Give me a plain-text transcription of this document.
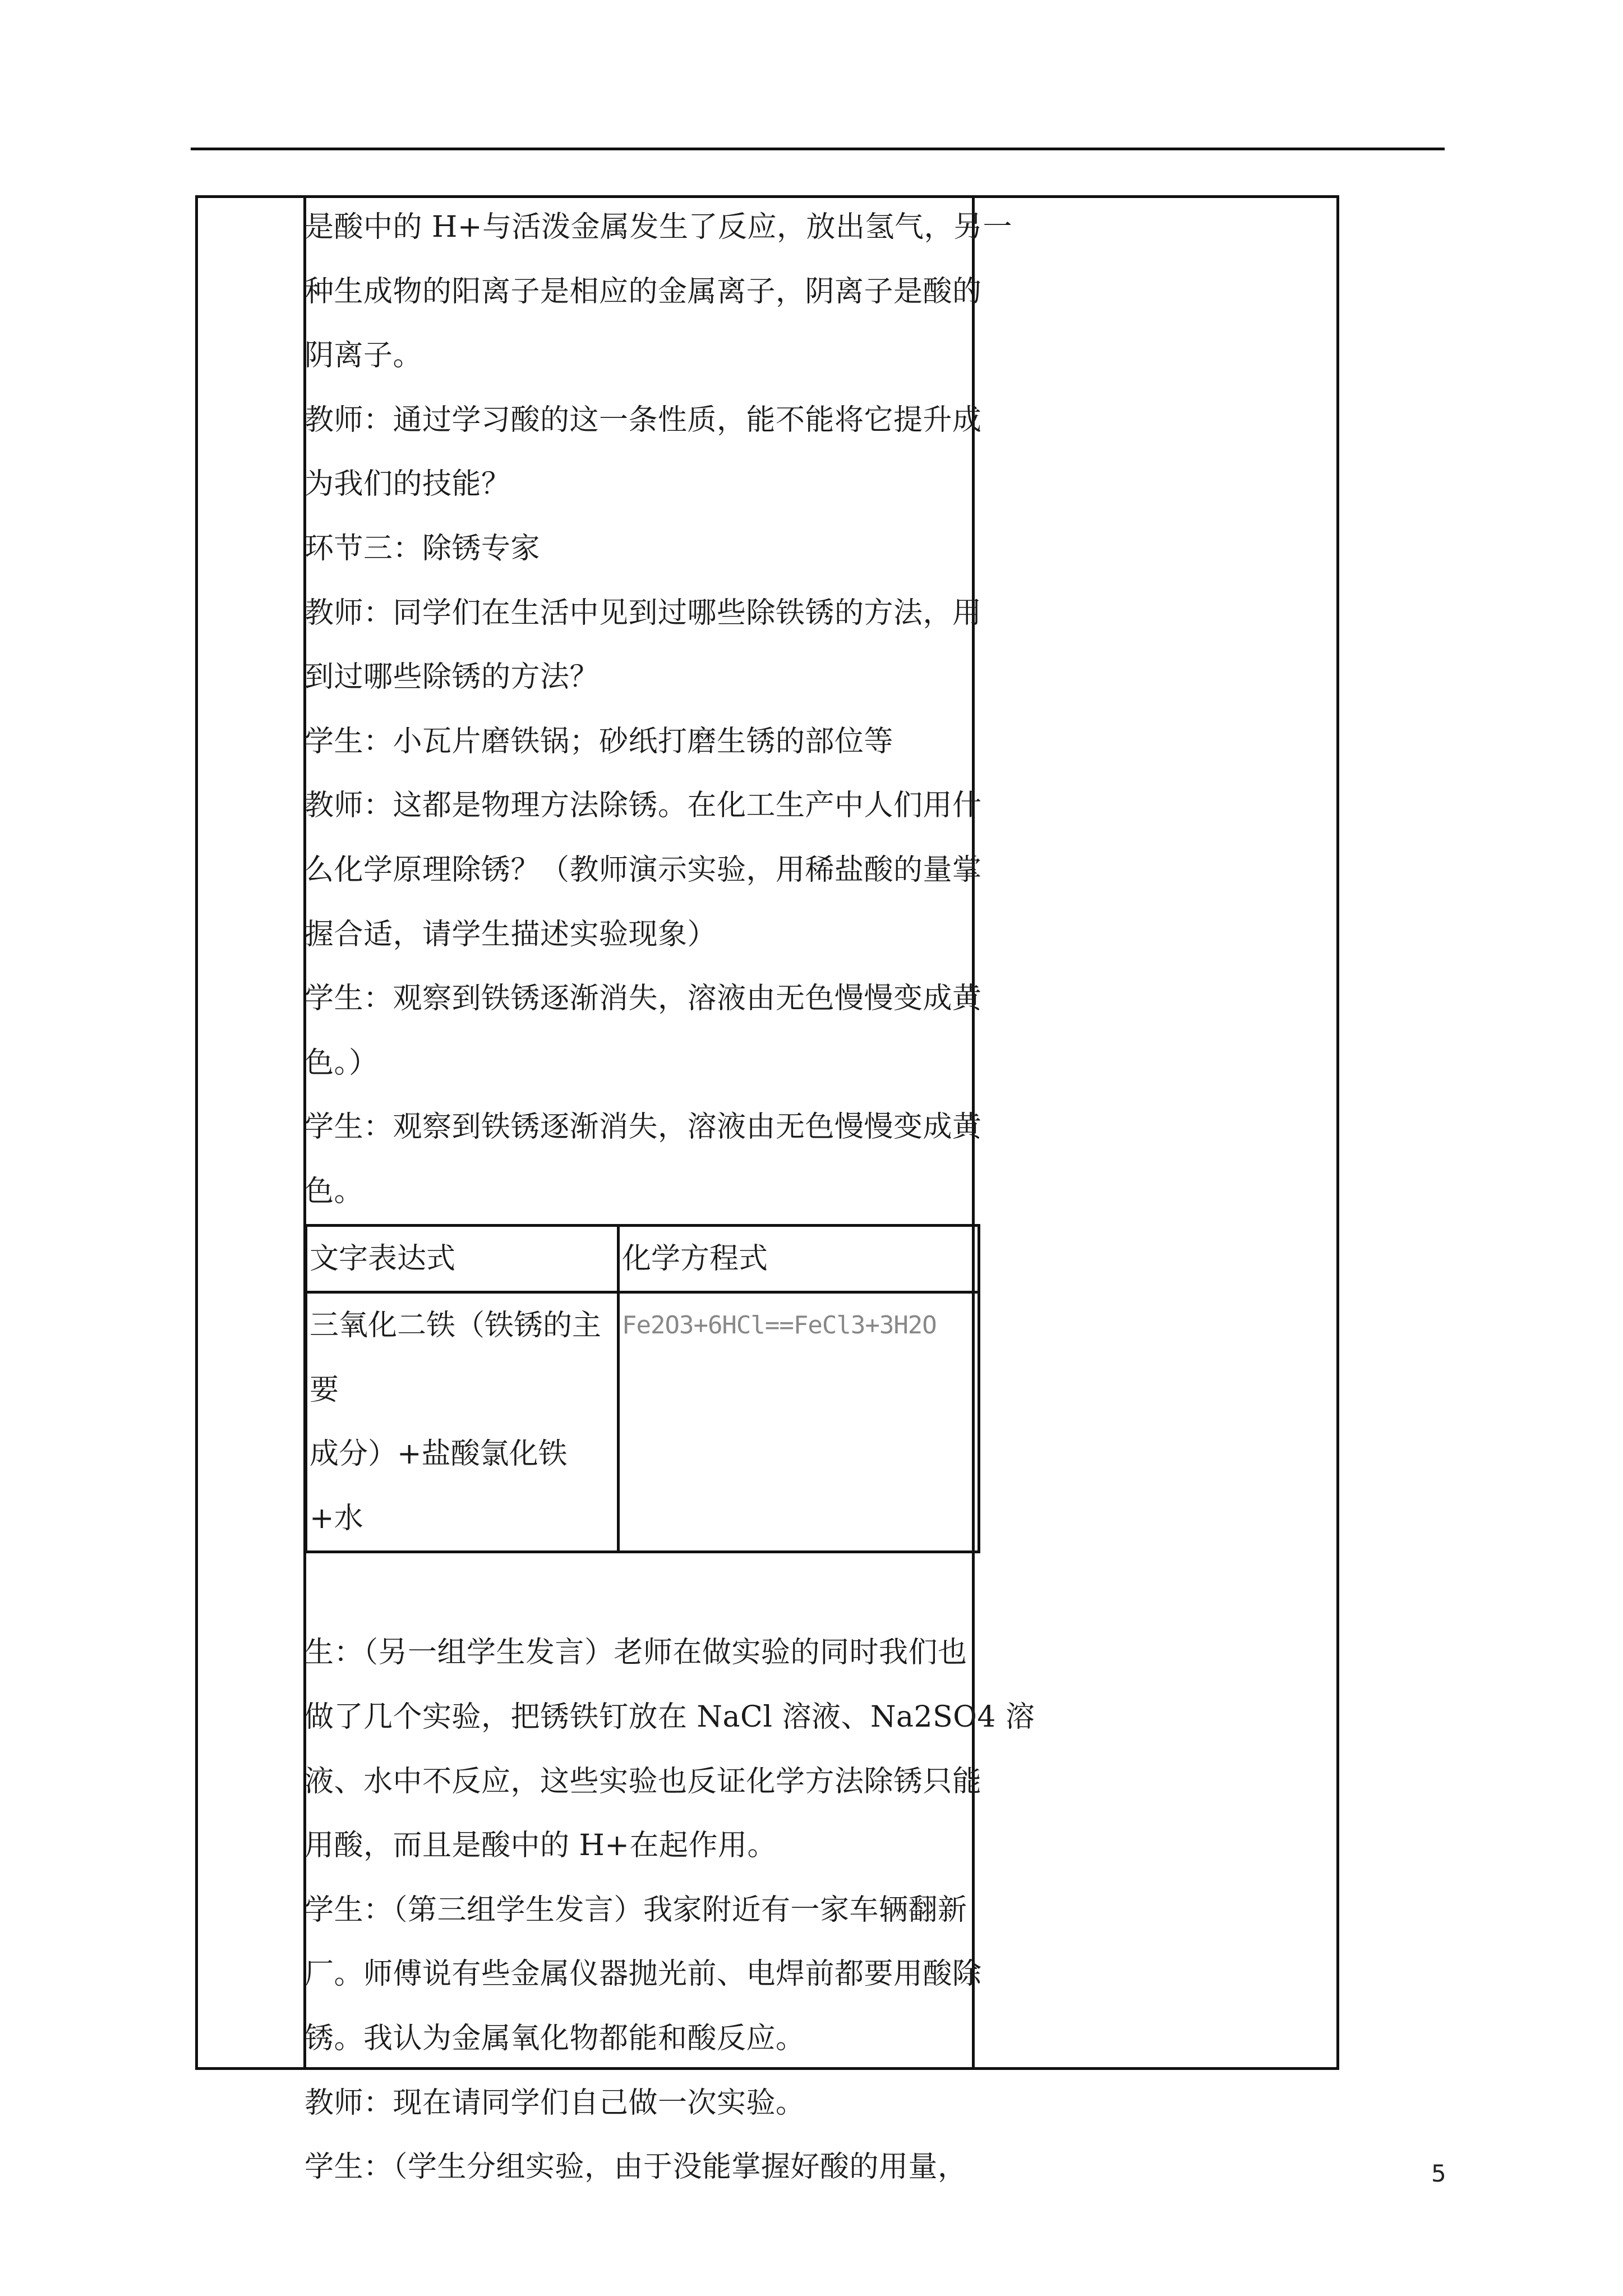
是酸中的 H+与活泼金属发生了反应，放出氢气，另一
种生成物的阳离子是相应的金属离子，阴离子是酸的
阴离子。
教师：通过学习酸的这一条性质，能不能将它提升成
为我们的技能？
环节三：除锈专家
教师：同学们在生活中见到过哪些除铁锈的方法，用
到过哪些除锈的方法？
学生：小瓦片磨铁锅；砂纸打磨生锈的部位等
教师：这都是物理方法除锈。在化工生产中人们用什
么化学原理除锈？（教师演示实验，用稀盐酸的量掌
握合适，请学生描述实验现象）
学生：观察到铁锈逐渐消失，溶液由无色慢慢变成黄
色。）
学生：观察到铁锈逐渐消失，溶液由无色慢慢变成黄
色。
文字表达式	化学方程式

三氧化二铁（铁锈的主要
成分）+盐酸氯化铁+水	Fe2O3+6HCl==FeCl3+3H2O
生：（另一组学生发言）老师在做实验的同时我们也
做了几个实验，把锈铁钉放在 NaCl 溶液、Na2SO4 溶
液、水中不反应，这些实验也反证化学方法除锈只能
用酸，而且是酸中的 H+在起作用。
学生：（第三组学生发言）我家附近有一家车辆翻新
厂。师傅说有些金属仪器抛光前、电焊前都要用酸除
锈。我认为金属氧化物都能和酸反应。
教师：现在请同学们自己做一次实验。
学生：（学生分组实验，由于没能掌握好酸的用量，	5
